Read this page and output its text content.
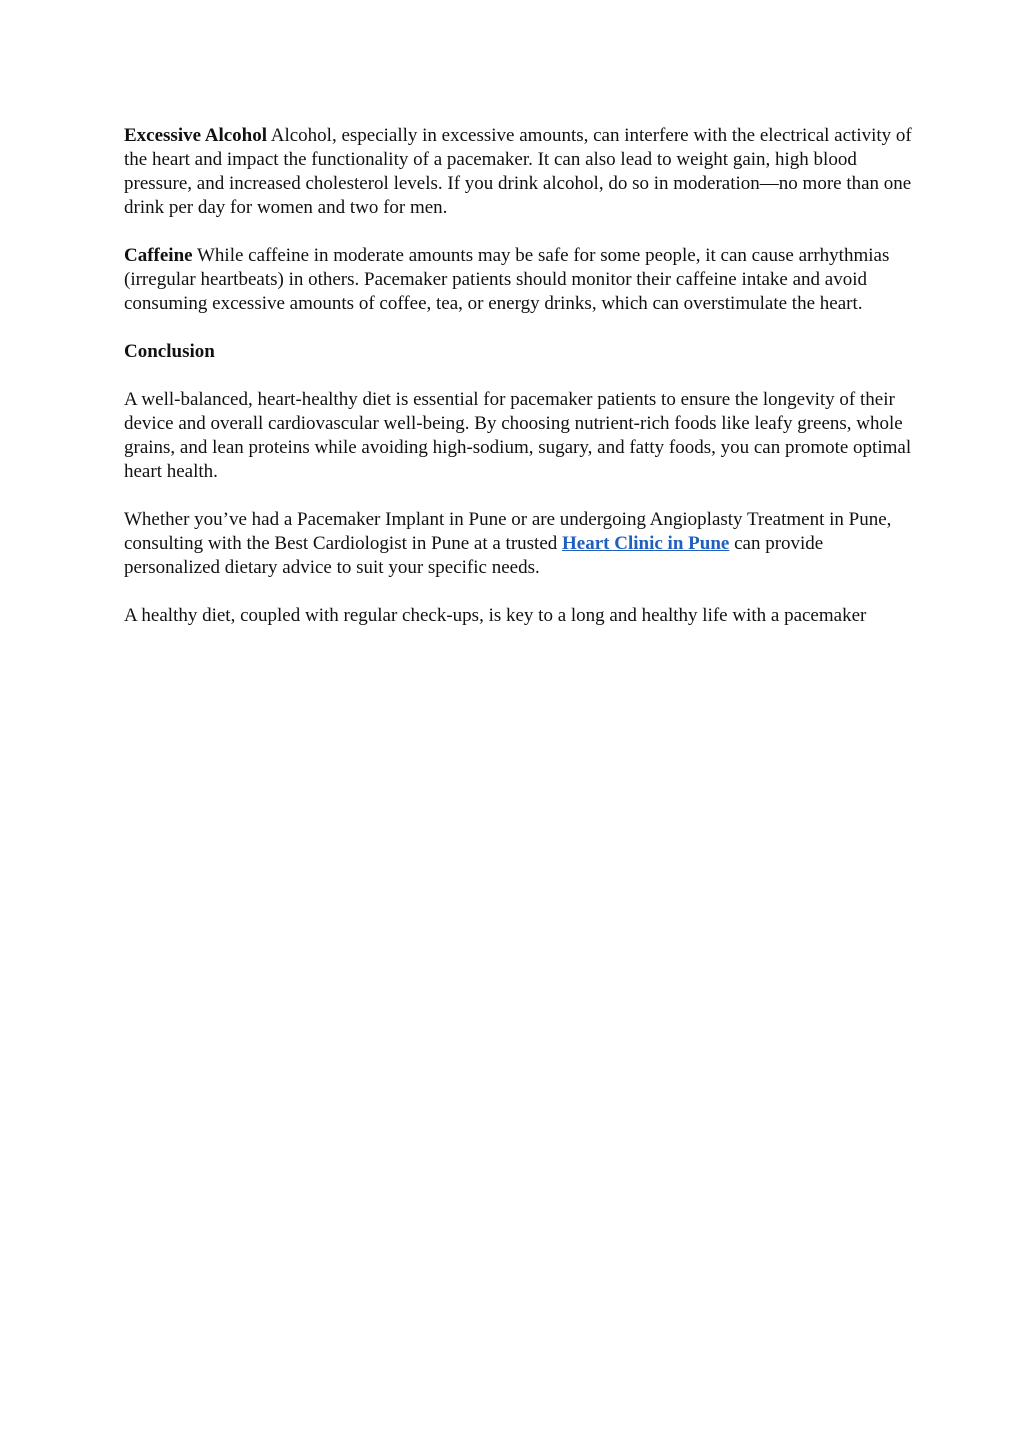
Excessive Alcohol Alcohol, especially in excessive amounts, can interfere with the electrical activity of the heart and impact the functionality of a pacemaker. It can also lead to weight gain, high blood pressure, and increased cholesterol levels. If you drink alcohol, do so in moderation—no more than one drink per day for women and two for men.

Caffeine While caffeine in moderate amounts may be safe for some people, it can cause arrhythmias (irregular heartbeats) in others. Pacemaker patients should monitor their caffeine intake and avoid consuming excessive amounts of coffee, tea, or energy drinks, which can overstimulate the heart.

Conclusion

A well-balanced, heart-healthy diet is essential for pacemaker patients to ensure the longevity of their device and overall cardiovascular well-being. By choosing nutrient-rich foods like leafy greens, whole grains, and lean proteins while avoiding high-sodium, sugary, and fatty foods, you can promote optimal heart health.

Whether you’ve had a Pacemaker Implant in Pune or are undergoing Angioplasty Treatment in Pune, consulting with the Best Cardiologist in Pune at a trusted Heart Clinic in Pune can provide personalized dietary advice to suit your specific needs.

A healthy diet, coupled with regular check-ups, is key to a long and healthy life with a pacemaker
